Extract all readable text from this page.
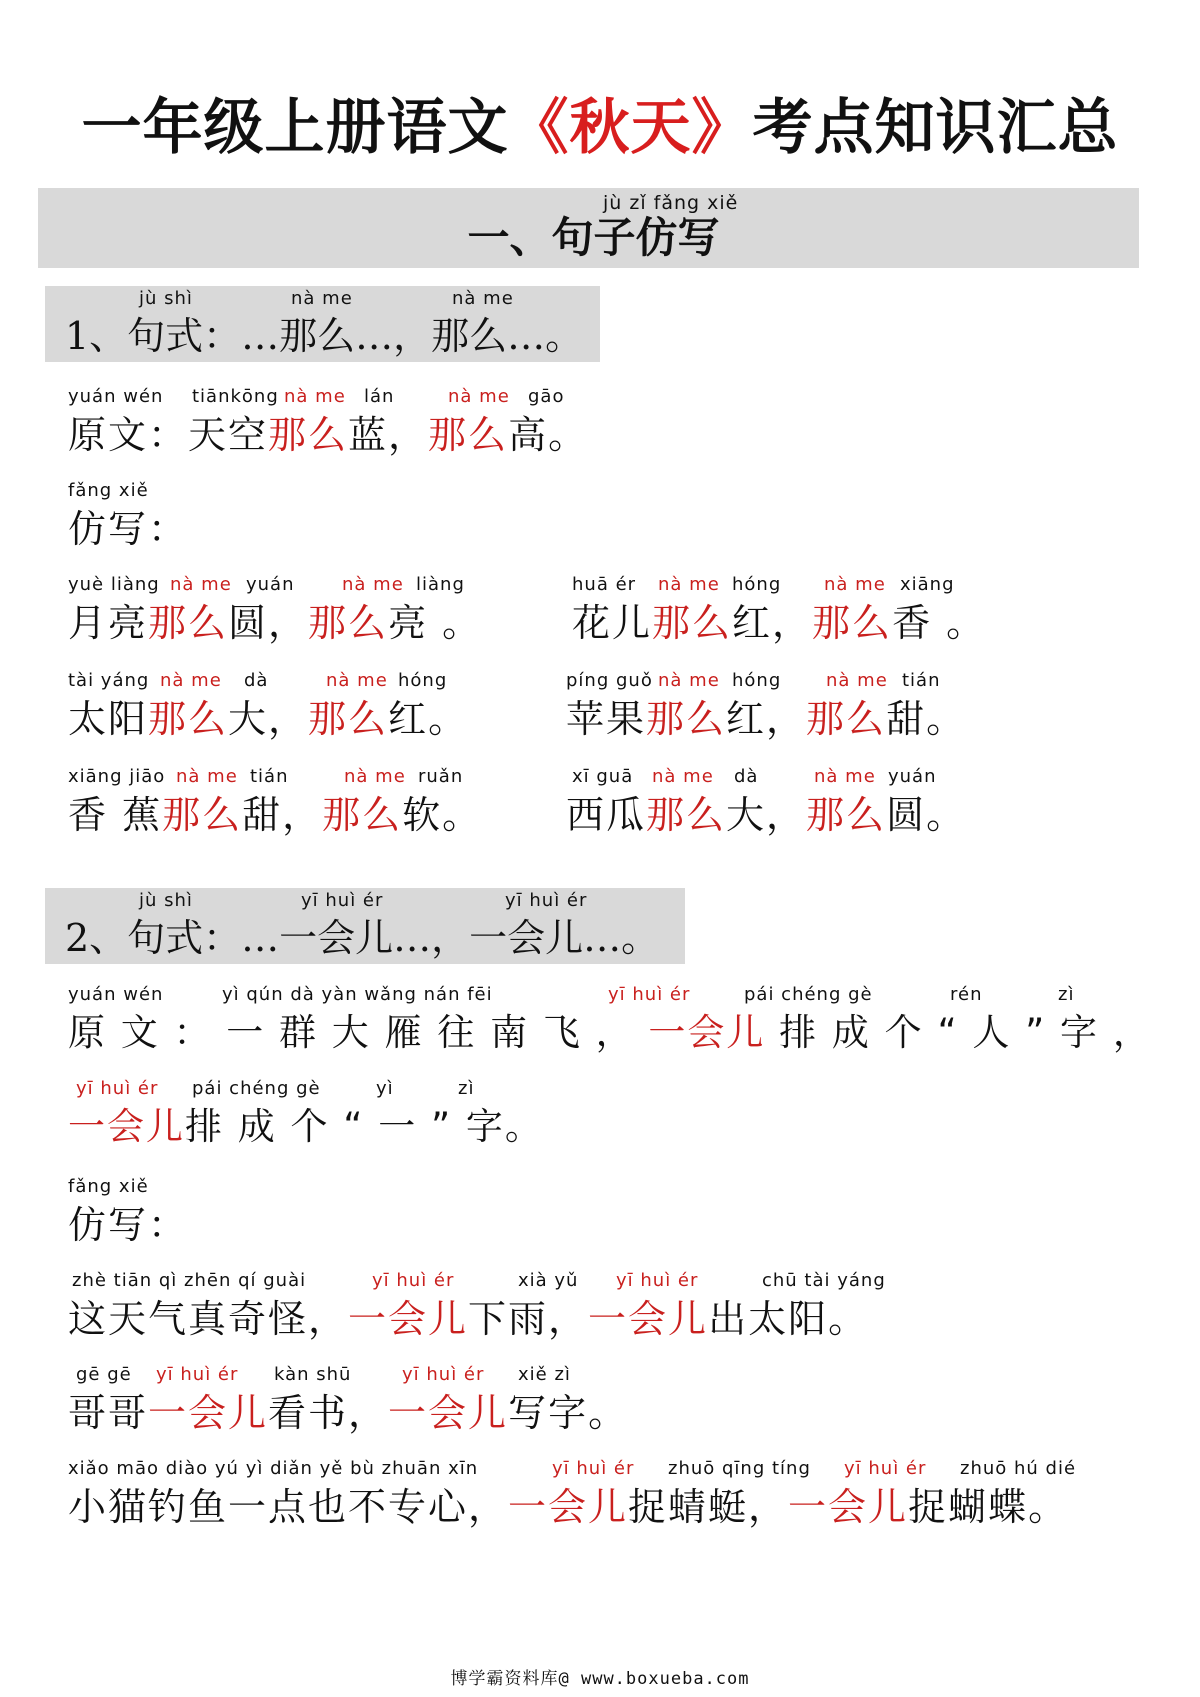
一年级上册语文《秋天》考点知识汇总
jù zǐ fǎng xiě
一、句子仿写
jù shì	nà me	nà me
1、句式：…那么…，那么…。
yuán wén tiānkōng nà me lán	nà me gāo
原文：天空那么蓝，那么高。
fǎng xiě
仿写：
yuè liàng nà me yuán	nà me liàng
月亮那么圆，那么亮 。
huā ér nà me hóng nà me xiāng
花儿那么红，那么香 。
tài yáng nà me dà	nà me hóng
太阳那么大，那么红。
píng guǒ nà me hóng nà me tián
苹果那么红，那么甜。
xiāng jiāo nà me tián	nà me ruǎn
香 蕉那么甜，那么软。
xī guā nà me dà	nà me yuán
西瓜那么大，那么圆。
jù shì	yī huì ér	yī huì ér
2、句式：…一会儿…，一会儿…。
yuán wén	yì qún dà yàn wǎng nán fēi	yī huì ér	pái chéng gè	rén	zì
原 文 ： 一 群 大 雁 往 南 飞 ， 一会儿 排 成 个 “ 人 ” 字 ，
yī huì ér pái chéng gè	yì	zì
一会儿排 成 个 “ 一 ” 字。
fǎng xiě
仿写：
zhè tiān qì zhēn qí guài	yī huì ér	xià yǔ yī huì ér	chū tài yáng
这天气真奇怪，一会儿下雨，一会儿出太阳。
gē gē yī huì ér kàn shū	yī huì ér xiě zì
哥哥一会儿看书，一会儿写字。
xiǎo māo diào yú yì diǎn yě bù zhuān xīn	yī huì ér zhuō qīng tíng yī huì ér zhuō hú dié
小猫钓鱼一点也不专心，一会儿捉蜻蜓，一会儿捉蝴蝶。
博学霸资料库@ www.boxueba.com
